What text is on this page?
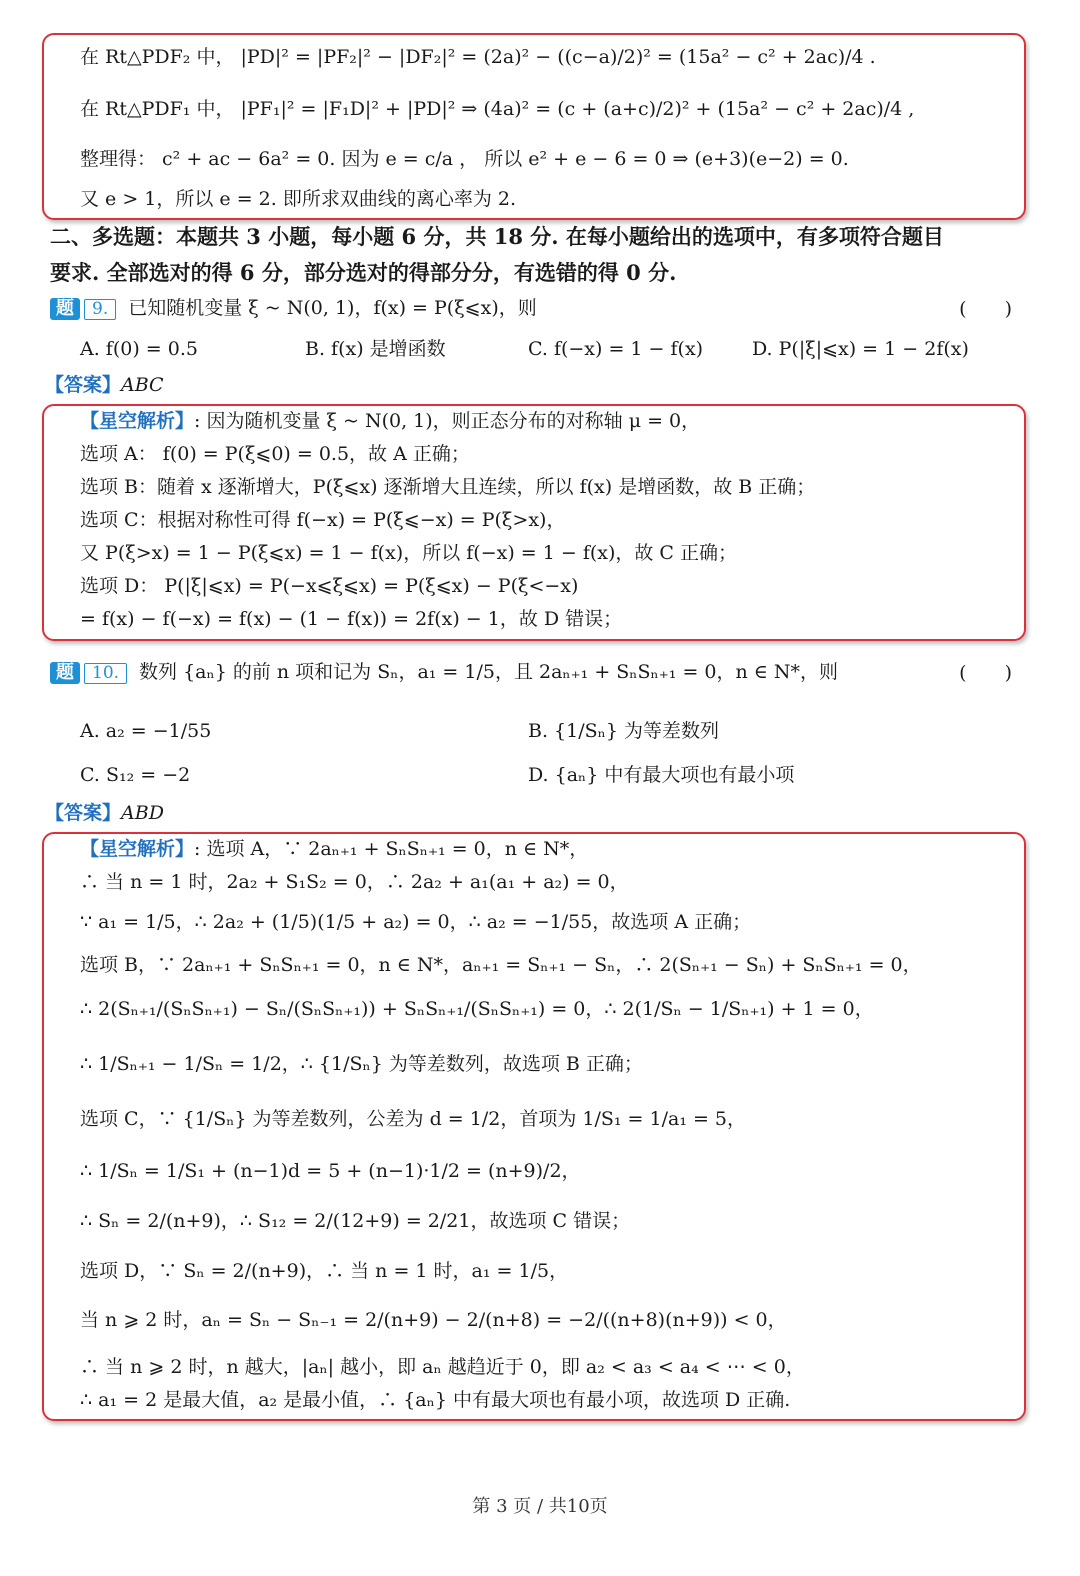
在 Rt△PDF₂ 中， |PD|² = |PF₂|² − |DF₂|² = (2a)² − ((c−a)/2)² = (15a² − c² + 2ac)/4 .
在 Rt△PDF₁ 中， |PF₁|² = |F₁D|² + |PD|² ⇒ (4a)² = (c + (a+c)/2)² + (15a² − c² + 2ac)/4 ,
整理得： c² + ac − 6a² = 0. 因为 e = c/a ， 所以 e² + e − 6 = 0 ⇒ (e+3)(e−2) = 0.
又 e > 1，所以 e = 2. 即所求双曲线的离心率为 2.
二、多选题：本题共 3 小题，每小题 6 分，共 18 分. 在每小题给出的选项中，有多项符合题目
要求. 全部选对的得 6 分，部分选对的得部分分，有选错的得 0 分.
题 9. 已知随机变量 ξ ~ N(0, 1)，f(x) = P(ξ⩽x)，则	(　　)
A. f(0) = 0.5	B. f(x) 是增函数	C. f(−x) = 1 − f(x)	D. P(|ξ|⩽x) = 1 − 2f(x)
【答案】ABC
【星空解析】: 因为随机变量 ξ ~ N(0, 1)，则正态分布的对称轴 μ = 0，
选项 A： f(0) = P(ξ⩽0) = 0.5，故 A 正确；
选项 B：随着 x 逐渐增大，P(ξ⩽x) 逐渐增大且连续，所以 f(x) 是增函数，故 B 正确；
选项 C：根据对称性可得 f(−x) = P(ξ⩽−x) = P(ξ>x)，
又 P(ξ>x) = 1 − P(ξ⩽x) = 1 − f(x)，所以 f(−x) = 1 − f(x)，故 C 正确；
选项 D： P(|ξ|⩽x) = P(−x⩽ξ⩽x) = P(ξ⩽x) − P(ξ<−x)
= f(x) − f(−x) = f(x) − (1 − f(x)) = 2f(x) − 1，故 D 错误；
题 10. 数列 {aₙ} 的前 n 项和记为 Sₙ，a₁ = 1/5，且 2aₙ₊₁ + SₙSₙ₊₁ = 0，n ∈ N*，则	(　　)
A. a₂ = −1/55	B. {1/Sₙ} 为等差数列
C. S₁₂ = −2	D. {aₙ} 中有最大项也有最小项
【答案】ABD
【星空解析】: 选项 A，∵ 2aₙ₊₁ + SₙSₙ₊₁ = 0，n ∈ N*，
∴ 当 n = 1 时，2a₂ + S₁S₂ = 0，∴ 2a₂ + a₁(a₁ + a₂) = 0，
∵ a₁ = 1/5，∴ 2a₂ + (1/5)(1/5 + a₂) = 0，∴ a₂ = −1/55，故选项 A 正确；
选项 B，∵ 2aₙ₊₁ + SₙSₙ₊₁ = 0，n ∈ N*，aₙ₊₁ = Sₙ₊₁ − Sₙ，∴ 2(Sₙ₊₁ − Sₙ) + SₙSₙ₊₁ = 0，
∴ 2(Sₙ₊₁/(SₙSₙ₊₁) − Sₙ/(SₙSₙ₊₁)) + SₙSₙ₊₁/(SₙSₙ₊₁) = 0，∴ 2(1/Sₙ − 1/Sₙ₊₁) + 1 = 0，
∴ 1/Sₙ₊₁ − 1/Sₙ = 1/2，∴ {1/Sₙ} 为等差数列，故选项 B 正确；
选项 C，∵ {1/Sₙ} 为等差数列，公差为 d = 1/2，首项为 1/S₁ = 1/a₁ = 5，
∴ 1/Sₙ = 1/S₁ + (n−1)d = 5 + (n−1)·1/2 = (n+9)/2，
∴ Sₙ = 2/(n+9)，∴ S₁₂ = 2/(12+9) = 2/21，故选项 C 错误；
选项 D，∵ Sₙ = 2/(n+9)，∴ 当 n = 1 时，a₁ = 1/5，
当 n ⩾ 2 时，aₙ = Sₙ − Sₙ₋₁ = 2/(n+9) − 2/(n+8) = −2/((n+8)(n+9)) < 0，
∴ 当 n ⩾ 2 时，n 越大，|aₙ| 越小，即 aₙ 越趋近于 0，即 a₂ < a₃ < a₄ < ⋯ < 0，
∴ a₁ = 2 是最大值，a₂ 是最小值，∴ {aₙ} 中有最大项也有最小项，故选项 D 正确.
第 3 页 / 共10页
